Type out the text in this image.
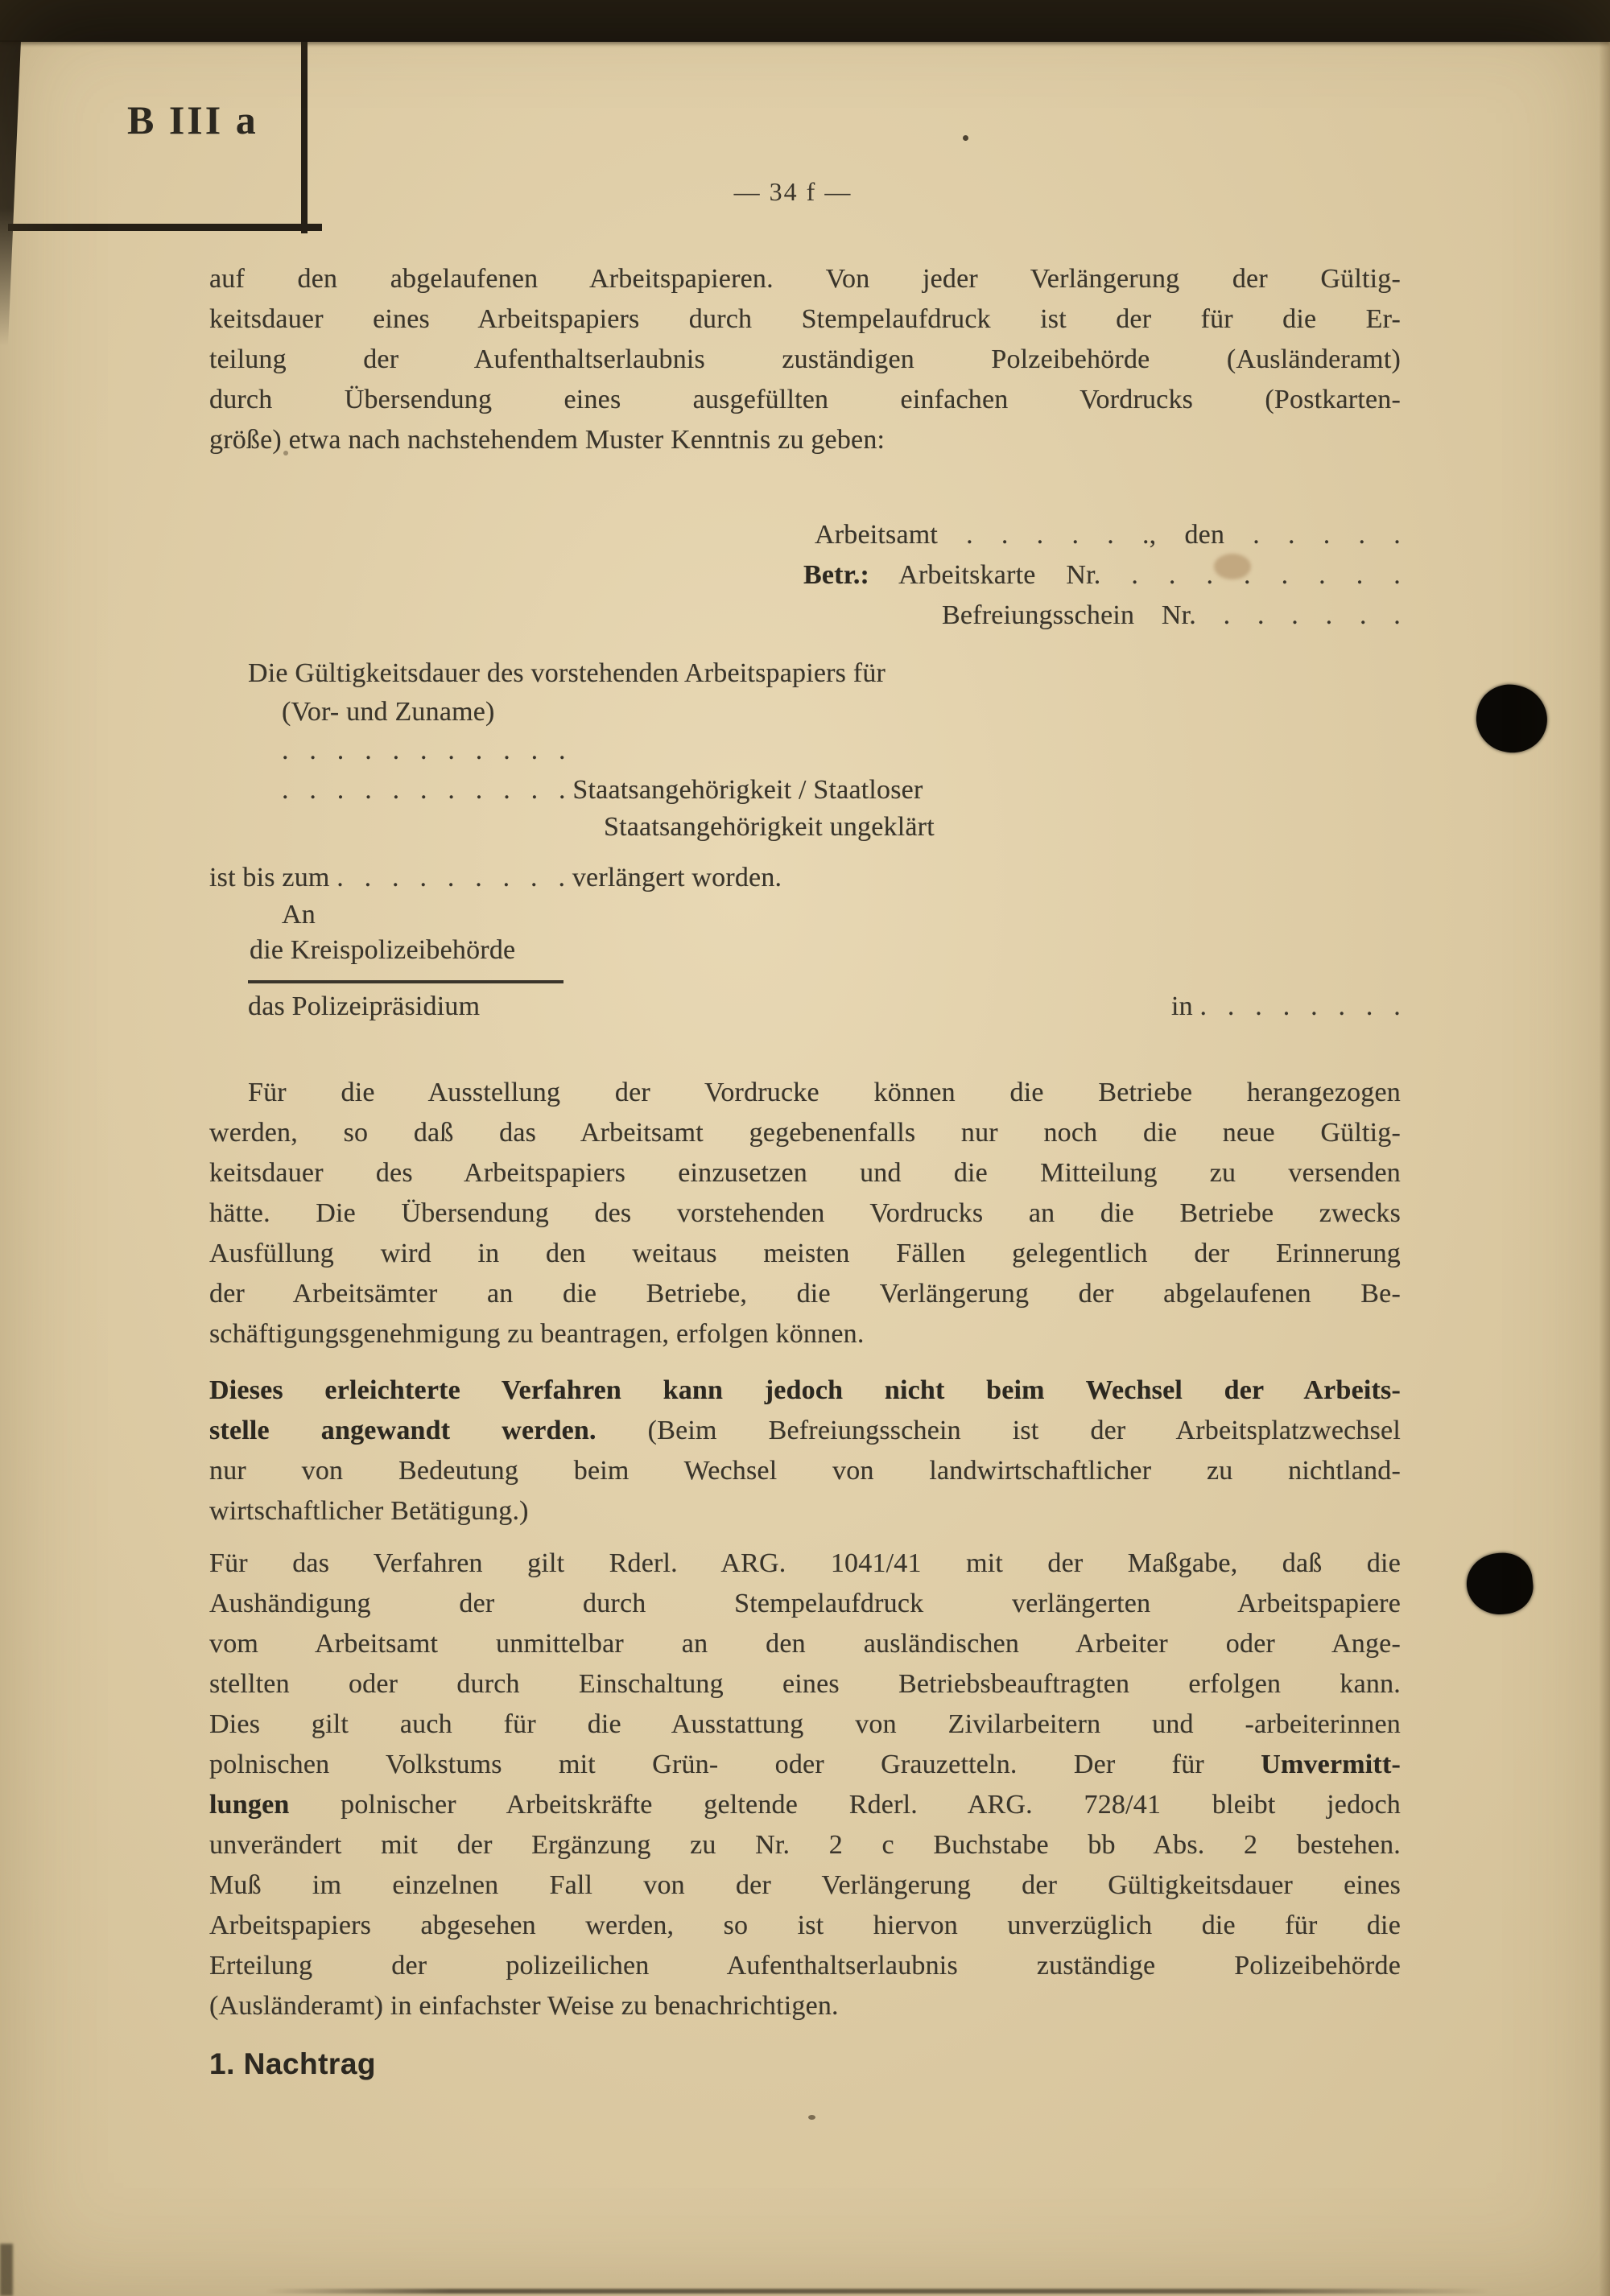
B III a
— 34 f —
auf den abgelaufenen Arbeitspapieren. Von jeder Verlängerung der Gültig-
keitsdauer eines Arbeitspapiers durch Stempelaufdruck ist der für die Er-
teilung der Aufenthaltserlaubnis zuständigen Polzeibehörde (Ausländeramt)
durch Übersendung eines ausgefüllten einfachen Vordrucks (Postkarten-
größe) etwa nach nachstehendem Muster Kenntnis zu geben:
Arbeitsamt . . . . . ., den . . . . .
Betr.: Arbeitskarte Nr. . . . . . . . .
Befreiungsschein Nr. . . . . . .
Die Gültigkeitsdauer des vorstehenden Arbeitspapiers für
(Vor- und Zuname)
. . . . . . . . . . .
. . . . . . . . . . . Staatsangehörigkeit / Staatloser
Staatsangehörigkeit ungeklärt
ist bis zum . . . . . . . . . verlängert worden.
An
die Kreispolizeibehörde
das Polizeipräsidium	in . . . . . . . .
Für die Ausstellung der Vordrucke können die Betriebe herangezogen
werden, so daß das Arbeitsamt gegebenenfalls nur noch die neue Gültig-
keitsdauer des Arbeitspapiers einzusetzen und die Mitteilung zu versenden
hätte. Die Übersendung des vorstehenden Vordrucks an die Betriebe zwecks
Ausfüllung wird in den weitaus meisten Fällen gelegentlich der Erinnerung
der Arbeitsämter an die Betriebe, die Verlängerung der abgelaufenen Be-
schäftigungsgenehmigung zu beantragen, erfolgen können.
Dieses erleichterte Verfahren kann jedoch nicht beim Wechsel der Arbeits-
stelle angewandt werden. (Beim Befreiungsschein ist der Arbeitsplatzwechsel
nur von Bedeutung beim Wechsel von landwirtschaftlicher zu nichtland-
wirtschaftlicher Betätigung.)
Für das Verfahren gilt Rderl. ARG. 1041/41 mit der Maßgabe, daß die
Aushändigung der durch Stempelaufdruck verlängerten Arbeitspapiere
vom Arbeitsamt unmittelbar an den ausländischen Arbeiter oder Ange-
stellten oder durch Einschaltung eines Betriebsbeauftragten erfolgen kann.
Dies gilt auch für die Ausstattung von Zivilarbeitern und -arbeiterinnen
polnischen Volkstums mit Grün- oder Grauzetteln. Der für Umvermitt-
lungen polnischer Arbeitskräfte geltende Rderl. ARG. 728/41 bleibt jedoch
unverändert mit der Ergänzung zu Nr. 2 c Buchstabe bb Abs. 2 bestehen.
Muß im einzelnen Fall von der Verlängerung der Gültigkeitsdauer eines
Arbeitspapiers abgesehen werden, so ist hiervon unverzüglich die für die
Erteilung der polizeilichen Aufenthaltserlaubnis zuständige Polizeibehörde
(Ausländeramt) in einfachster Weise zu benachrichtigen.
1. Nachtrag
